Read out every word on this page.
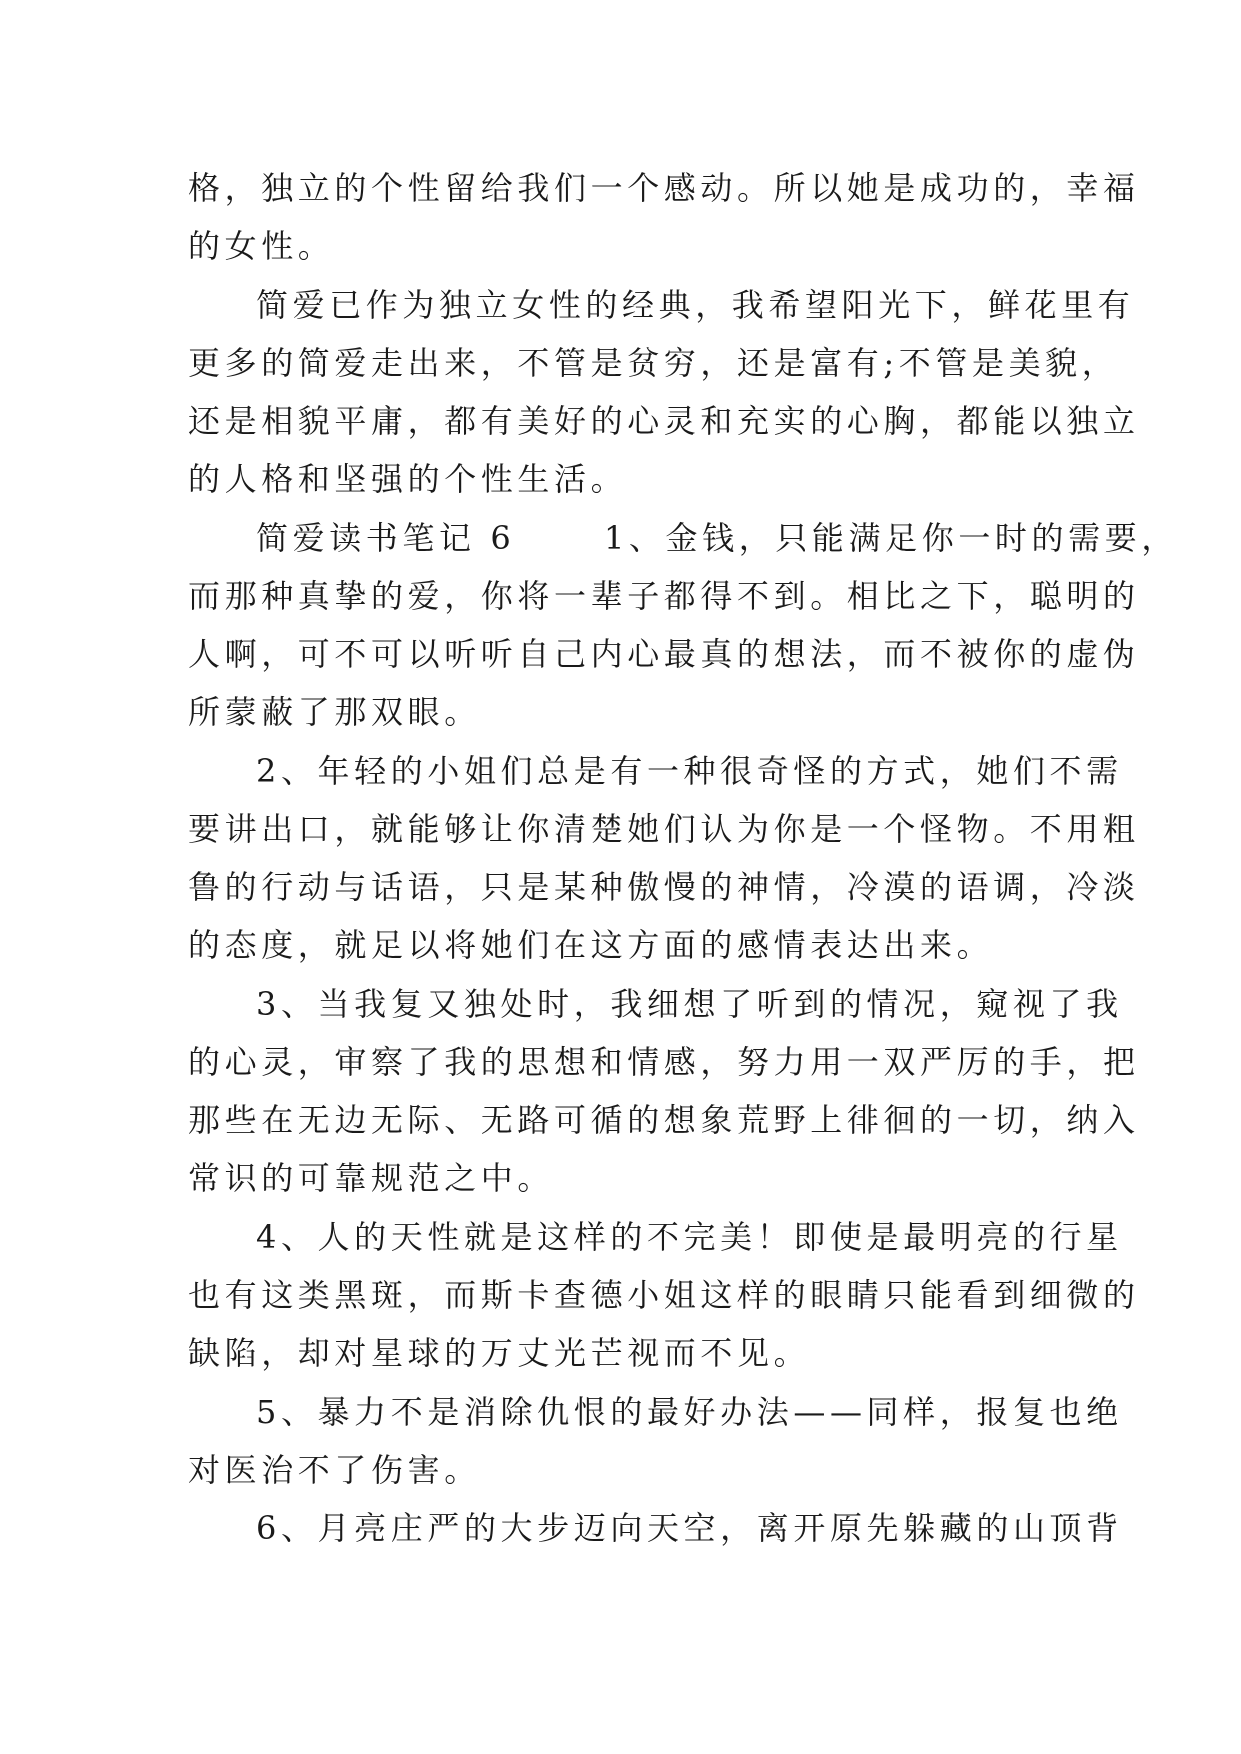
格，独立的个性留给我们一个感动。所以她是成功的，幸福
的女性。
简爱已作为独立女性的经典，我希望阳光下，鲜花里有
更多的简爱走出来，不管是贫穷，还是富有;不管是美貌，
还是相貌平庸，都有美好的心灵和充实的心胸，都能以独立
的人格和坚强的个性生活。
简爱读书笔记 6      1、金钱，只能满足你一时的需要，
而那种真挚的爱，你将一辈子都得不到。相比之下，聪明的
人啊，可不可以听听自己内心最真的想法，而不被你的虚伪
所蒙蔽了那双眼。
2、年轻的小姐们总是有一种很奇怪的方式，她们不需
要讲出口，就能够让你清楚她们认为你是一个怪物。不用粗
鲁的行动与话语，只是某种傲慢的神情，冷漠的语调，冷淡
的态度，就足以将她们在这方面的感情表达出来。
3、当我复又独处时，我细想了听到的情况，窥视了我
的心灵，审察了我的思想和情感，努力用一双严厉的手，把
那些在无边无际、无路可循的想象荒野上徘徊的一切，纳入
常识的可靠规范之中。
4、人的天性就是这样的不完美！即使是最明亮的行星
也有这类黑斑，而斯卡查德小姐这样的眼睛只能看到细微的
缺陷，却对星球的万丈光芒视而不见。
5、暴力不是消除仇恨的最好办法——同样，报复也绝
对医治不了伤害。
6、月亮庄严的大步迈向天空，离开原先躲藏的山顶背
